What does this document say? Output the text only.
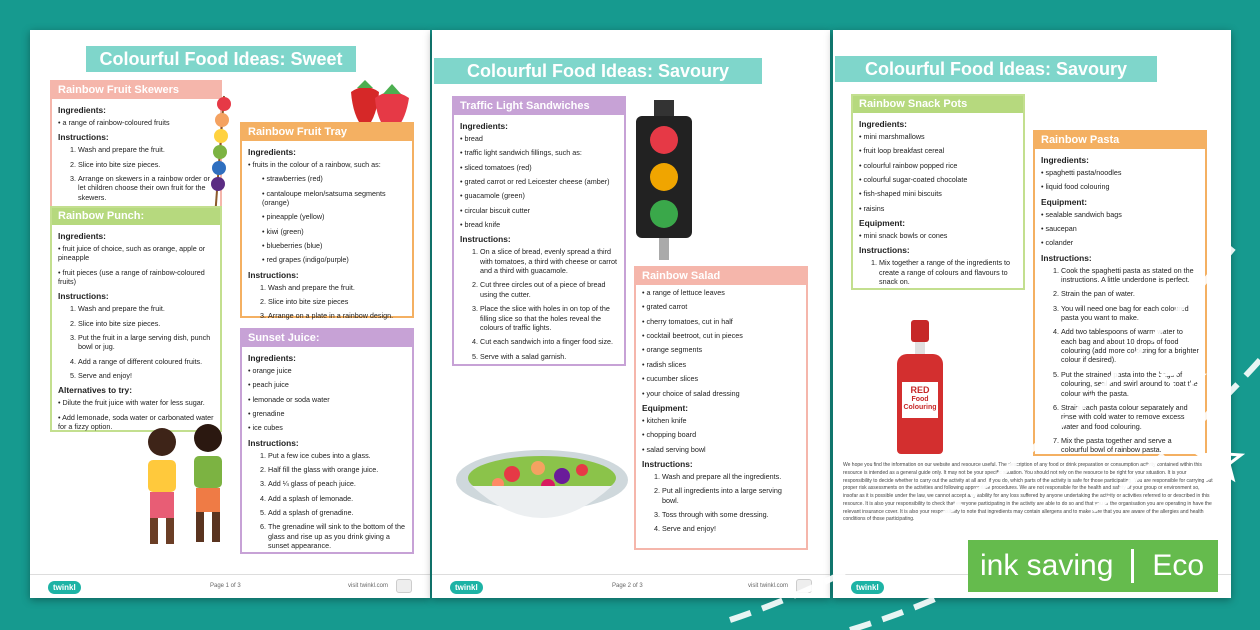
Colourful Food Ideas: Sweet
Rainbow Fruit Skewers
Ingredients:
• a range of rainbow-coloured fruits
Instructions:
1. Wash and prepare the fruit.
2. Slice into bite size pieces.
3. Arrange on skewers in a rainbow order or let children choose their own fruit for the skewers.
Rainbow Fruit Tray
Ingredients:
• fruits in the colour of a rainbow, such as:
• strawberries (red)
• cantaloupe melon/satsuma segments (orange)
• pineapple (yellow)
• kiwi (green)
• blueberries (blue)
• red grapes (indigo/purple)
Instructions:
1. Wash and prepare the fruit.
2. Slice into bite size pieces
3. Arrange on a plate in a rainbow design.
Rainbow Punch:
Ingredients:
• fruit juice of choice, such as orange, apple or pineapple
• fruit pieces (use a range of rainbow-coloured fruits)
Instructions:
1. Wash and prepare the fruit.
2. Slice into bite size pieces.
3. Put the fruit in a large serving dish, punch bowl or jug.
4. Add a range of different coloured fruits.
5. Serve and enjoy!
Alternatives to try:
• Dilute the fruit juice with water for less sugar.
• Add lemonade, soda water or carbonated water for a fizzy option.
Sunset Juice:
Ingredients:
• orange juice
• peach juice
• lemonade or soda water
• grenadine
• ice cubes
Instructions:
1. Put a few ice cubes into a glass.
2. Half fill the glass with orange juice.
3. Add ¼ glass of peach juice.
4. Add a splash of lemonade.
5. Add a splash of grenadine.
6. The grenadine will sink to the bottom of the glass and rise up as you drink giving a sunset appearance.
twinkl	Page 1 of 3	visit twinkl.com
Colourful Food Ideas: Savoury
Traffic Light Sandwiches
Ingredients:
• bread
• traffic light sandwich fillings, such as:
• sliced tomatoes (red)
• grated carrot or red Leicester cheese (amber)
• guacamole (green)
• circular biscuit cutter
• bread knife
Instructions:
1. On a slice of bread, evenly spread a third with tomatoes, a third with cheese or carrot and a third with guacamole.
2. Cut three circles out of a piece of bread using the cutter.
3. Place the slice with holes in on top of the filling slice so that the holes reveal the colours of traffic lights.
4. Cut each sandwich into a finger food size.
5. Serve with a salad garnish.
Rainbow Salad
• a range of lettuce leaves
• grated carrot
• cherry tomatoes, cut in half
• cocktail beetroot, cut in pieces
• orange segments
• radish slices
• cucumber slices
• your choice of salad dressing
Equipment:
• kitchen knife
• chopping board
• salad serving bowl
Instructions:
1. Wash and prepare all the ingredients.
2. Put all ingredients into a large serving bowl.
3. Toss through with some dressing.
4. Serve and enjoy!
twinkl	Page 2 of 3	visit twinkl.com
Colourful Food Ideas: Savoury
Rainbow Snack Pots
Ingredients:
• mini marshmallows
• fruit loop breakfast cereal
• colourful rainbow popped rice
• colourful sugar-coated chocolate
• fish-shaped mini biscuits
• raisins
Equipment:
• mini snack bowls or cones
Instructions:
1. Mix together a range of the ingredients to create a range of colours and flavours to snack on.
Rainbow Pasta
Ingredients:
• spaghetti pasta/noodles
• liquid food colouring
Equipment:
• sealable sandwich bags
• saucepan
• colander
Instructions:
1. Cook the spaghetti pasta as stated on the instructions. A little underdone is perfect.
2. Strain the pan of water.
3. You will need one bag for each coloured pasta you want to make.
4. Add two tablespoons of warm water to each bag and about 10 drops of food colouring (add more colouring for a brighter colour if desired).
5. Put the strained pasta into the bags of colouring, seal and swirl around to coat the colour with the pasta.
6. Strain each pasta colour separately and rinse with cold water to remove excess water and food colouring.
7. Mix the pasta together and serve a colourful bowl of rainbow pasta.
RED
Food
Colouring
We hope you find the information on our website and resource useful. The description of any food or drink preparation or consumption activity contained within this resource is intended as a general guide only. It may not be your specific situation. You should not rely on the resource to be right for your situation. It is your responsibility to decide whether to carry out the activity at all and, if you do, which parts of the activity is safe for those participating. You are responsible for carrying out proper risk assessments on the activities and following appropriate procedures. We are not responsible for the health and safety of your group or environment so, insofar as it is possible under the law, we cannot accept any liability for any loss suffered by anyone undertaking the activity or activities referred to or described in this resource. It is also your responsibility to check that everyone participating in the activity are able to do so and that you or the organisation you are operating in have the relevant insurance cover. It is also your responsibility to note that ingredients may contain allergens and to make sure that you are aware of the allergies and health conditions of those participating.
twinkl
ink saving Eco
